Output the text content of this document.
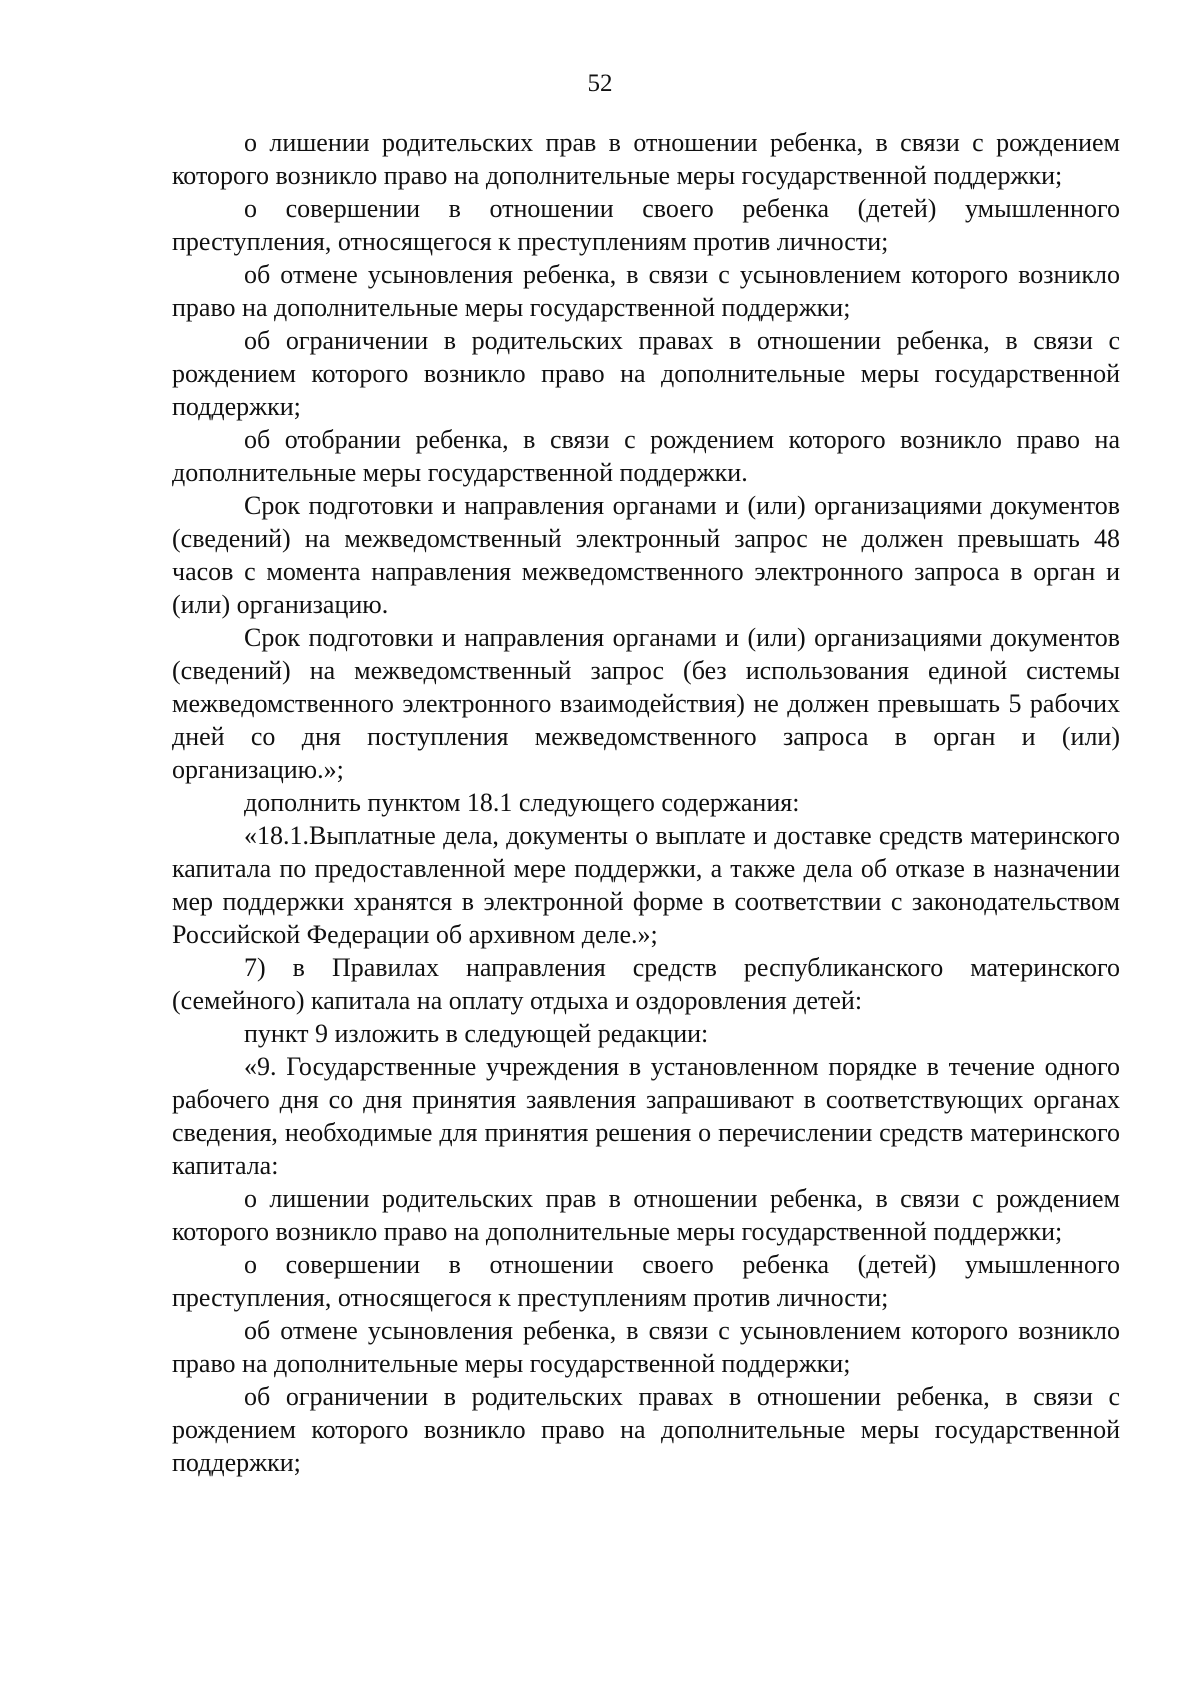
52

о лишении родительских прав в отношении ребенка, в связи с рождением которого возникло право на дополнительные меры государственной поддержки;

о совершении в отношении своего ребенка (детей) умышленного преступления, относящегося к преступлениям против личности;

об отмене усыновления ребенка, в связи с усыновлением которого возникло право на дополнительные меры государственной поддержки;

об ограничении в родительских правах в отношении ребенка, в связи с рождением которого возникло право на дополнительные меры государственной поддержки;

об отобрании ребенка, в связи с рождением которого возникло право на дополнительные меры государственной поддержки.

Срок подготовки и направления органами и (или) организациями документов (сведений) на межведомственный электронный запрос не должен превышать 48 часов с момента направления межведомственного электронного запроса в орган и (или) организацию.

Срок подготовки и направления органами и (или) организациями документов (сведений) на межведомственный запрос (без использования единой системы межведомственного электронного взаимодействия) не должен превышать 5 рабочих дней со дня поступления межведомственного запроса в орган и (или) организацию.»;

дополнить пунктом 18.1 следующего содержания:

«18.1.Выплатные дела, документы о выплате и доставке средств материнского капитала по предоставленной мере поддержки, а также дела об отказе в назначении мер поддержки хранятся в электронной форме в соответствии с законодательством Российской Федерации об архивном деле.»;

7) в Правилах направления средств республиканского материнского (семейного) капитала на оплату отдыха и оздоровления детей:

пункт 9 изложить в следующей редакции:

«9. Государственные учреждения в установленном порядке в течение одного рабочего дня со дня принятия заявления запрашивают в соответствующих органах сведения, необходимые для принятия решения о перечислении средств материнского капитала:

о лишении родительских прав в отношении ребенка, в связи с рождением которого возникло право на дополнительные меры государственной поддержки;

о совершении в отношении своего ребенка (детей) умышленного преступления, относящегося к преступлениям против личности;

об отмене усыновления ребенка, в связи с усыновлением которого возникло право на дополнительные меры государственной поддержки;

об ограничении в родительских правах в отношении ребенка, в связи с рождением которого возникло право на дополнительные меры государственной поддержки;
